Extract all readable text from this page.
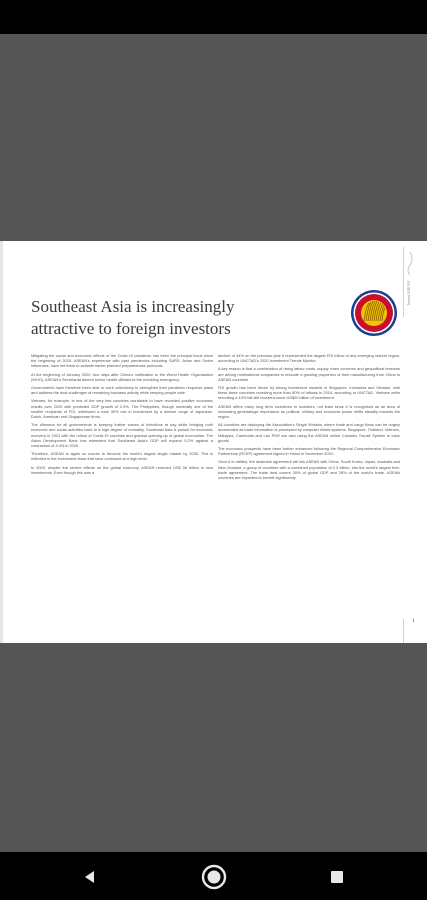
Southeast Asia is increasingly
attractive to foreign investors
Invest ASEAN

Mitigating the social and economic effects of the Covid-19 pandemic has been the principal focus since the beginning of 2020. ASEAN's experience with past pandemics including SARS, Avian and Swine influenzas, have led them to activate earlier planned preparedness protocols.

At the beginning of January 2020, four days after China's notification to the World Health Organisation (WHO), ASEAN's Secretariat alerted senior health officials to the unfolding emergency.

Governments have therefore been able to work collectively to strengthen their pandemic response plans and address the dual challenges of remaining business activity while keeping people safe.

Vietnam, for example, is one of the very few countries worldwide to have recorded positive economic results over 2020 with predicted GDP growth of 2.9%. The Philippines, though nominally one of the smaller recipients of FDI, witnessed a near 30% rise in investment by a diverse range of Japanese, Dutch, American and Singaporean firms.

The dilemma for all governments is keeping further waves of infections at bay while bringing both economic and social activities back to a high degree of normality. Southeast Asia is poised for economic recovery in 2021 with the rollout of Covid-19 vaccines and gradual opening up of global economies. The Asian Development Bank has estimated that Southeast Asia's GDP will expand 5.2% against a contraction of 4.4% in 2020.

Therefore, ASEAN is again on course to become the world's largest single market by 2030. This is reflected in the investment flows that have continued at a high level.

In 2020, despite the severe effects on the global economy, ASEAN received US$ 98 billion in new investments. Even though this was a

decline of 44% on the previous year it represented the largest FDI inflow of any emerging market region, according to UNCTAD's 2020 Investment Trends Monitor.

A key reason is that a combination of rising labour costs, supply chain concerns and geopolitical tensions are driving multinational companies to relocate a growing proportion of their manufacturing from China to ASEAN countries.

FDI growth has been driven by strong investment inwards in Singapore, Indonesia and Vietnam, with these three countries receiving more than 80% of inflows in 2019, according to UNCTAD. Vietnam while recording a 10% fall still received some US$20 billion of investment.

ASEAN offers many long term incentives to investors, not least since it is recognised as an area of increasing geostrategic importance as political, military and economic power shifts steadily towards the region.

All countries are deploying the Association's Single Window, where trade and cargo flows can be hugely accelerated as trade information is processed by computer linked systems. Singapore, Thailand, Vietnam, Malaysia, Cambodia and Lao PDR are also using the ASEAN online Customs Transit System to track goods.

The economic prospects have been further enhanced following the Regional Comprehensive Economic Partnership (RCEP) agreement signed in Hanoi in November 2020.

Once it is ratified, the landmark agreement will link ASEAN with China, South Korea, Japan, Australia and New Zealand, a group of countries with a combined population of 2.3 billion, into the world's largest free-trade agreement. The trade deal covers 30% of global GDP and 28% of the world's trade. ASEAN countries are expected to benefit significantly

1
